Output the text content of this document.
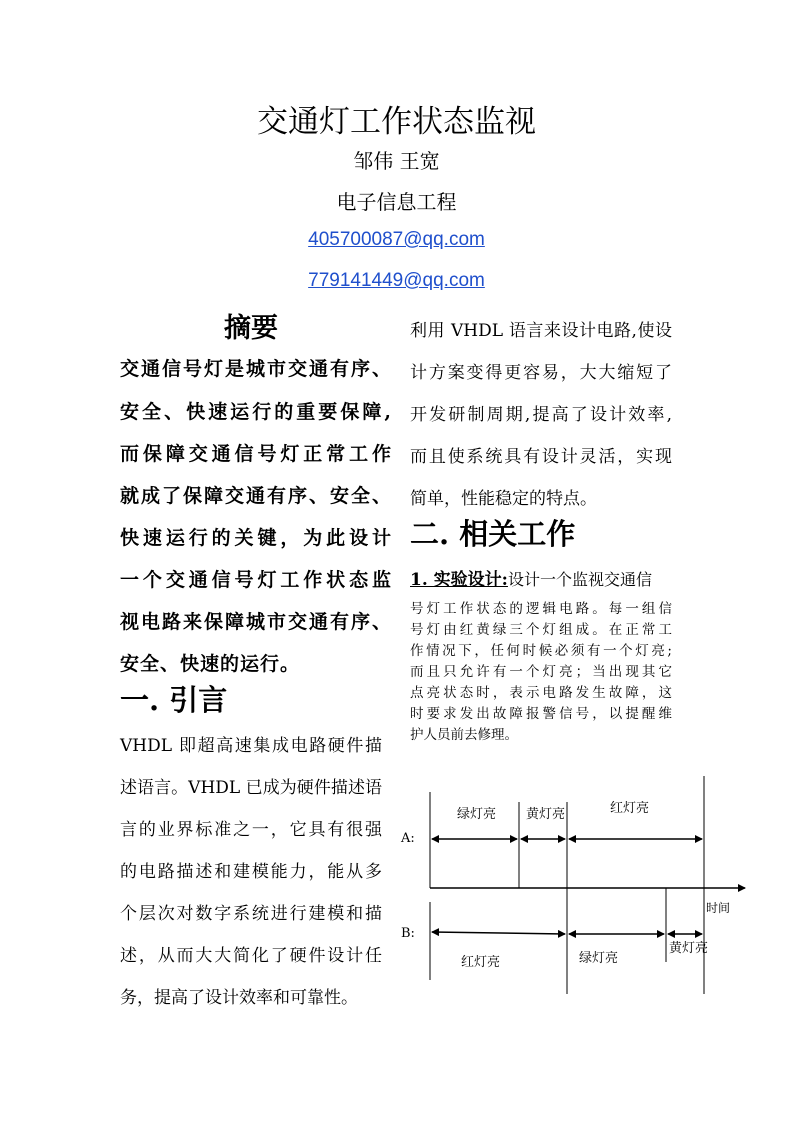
交通灯工作状态监视
邹伟 王宽
电子信息工程
405700087@qq.com
779141449@qq.com
摘要
交通信号灯是城市交通有序、
安全、快速运行的重要保障,
而保障交通信号灯正常工作
就成了保障交通有序、安全、
快速运行的关键，为此设计
一个交通信号灯工作状态监
视电路来保障城市交通有序、
安全、快速的运行。
一. 引言
VHDL 即超高速集成电路硬件描
述语言。VHDL 已成为硬件描述语
言的业界标准之一，它具有很强
的电路描述和建模能力，能从多
个层次对数字系统进行建模和描
述，从而大大简化了硬件设计任
务，提高了设计效率和可靠性。
利用 VHDL 语言来设计电路,使设
计方案变得更容易，大大缩短了
开发研制周期,提高了设计效率,
而且使系统具有设计灵活，实现
简单，性能稳定的特点。
二. 相关工作
1. 实验设计:设计一个监视交通信
号灯工作状态的逻辑电路。每一组信
号灯由红黄绿三个灯组成。在正常工
作情况下，任何时候必须有一个灯亮;
而且只允许有一个灯亮；当出现其它
点亮状态时，表示电路发生故障，这
时要求发出故障报警信号，以提醒维
护人员前去修理。
时间
A:
绿灯亮 黄灯亮	红灯亮
B:
红灯亮	绿灯亮
黄灯亮
